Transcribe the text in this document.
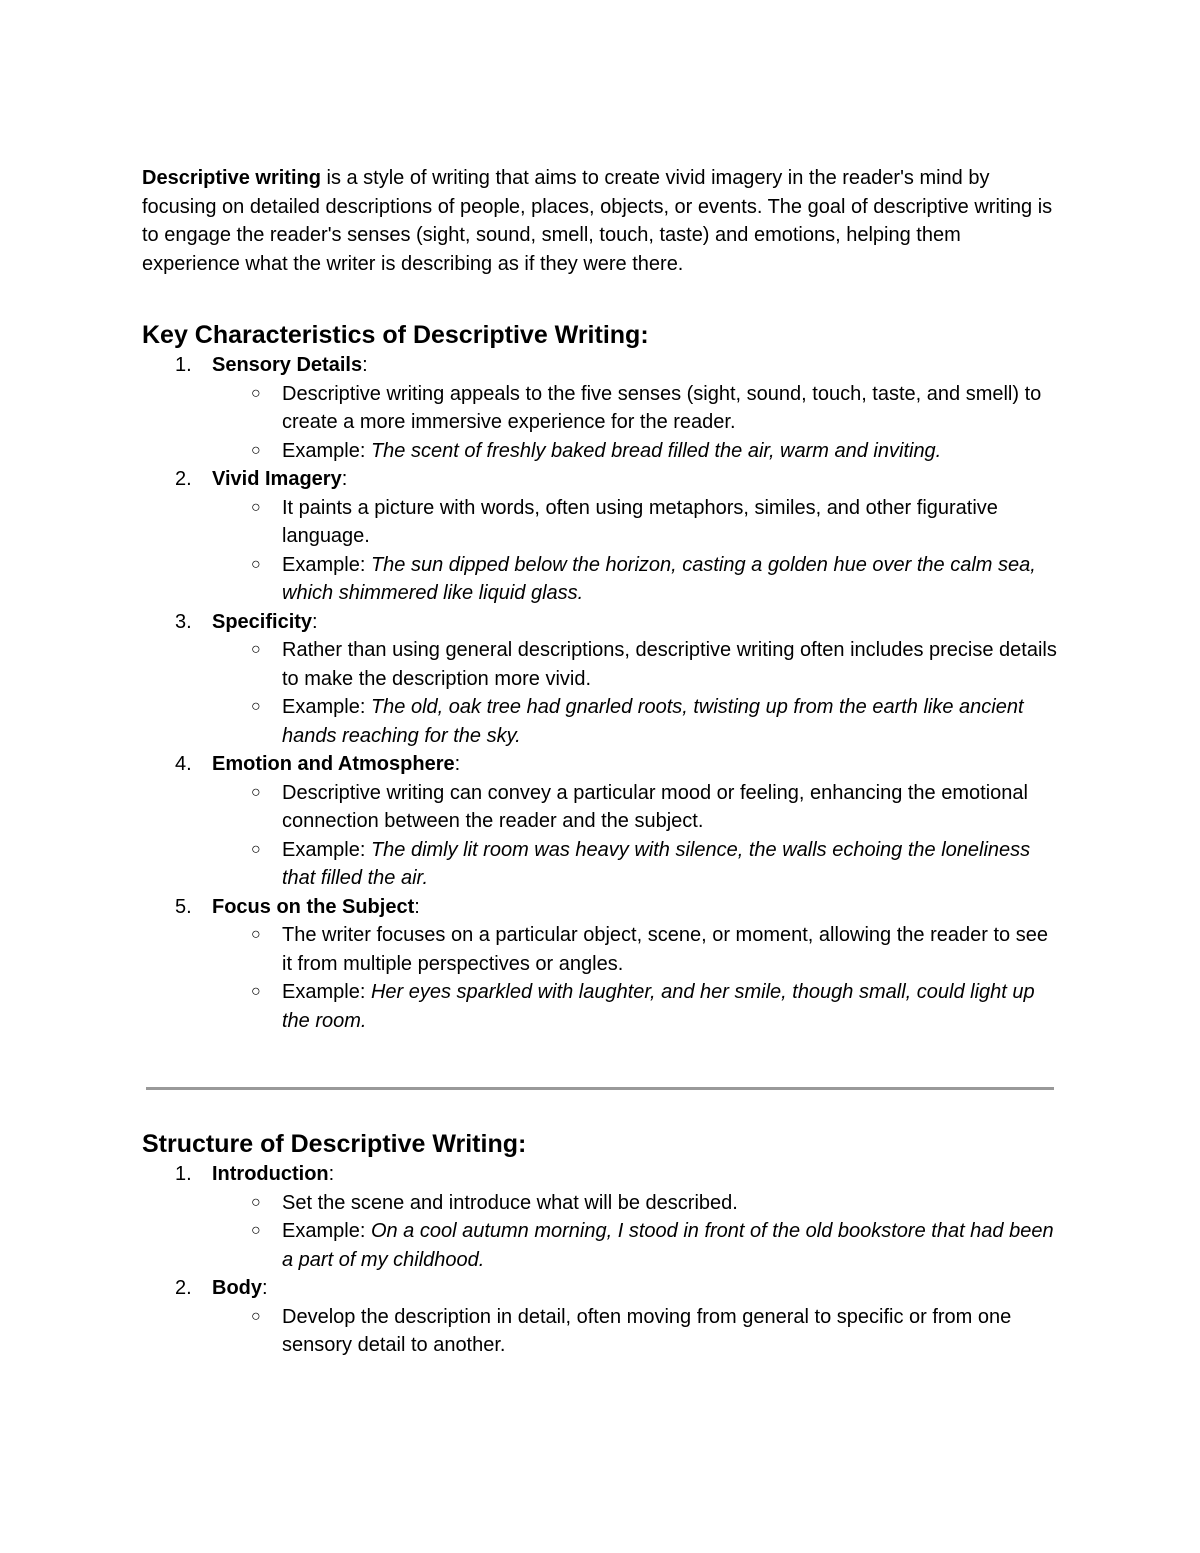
Descriptive writing is a style of writing that aims to create vivid imagery in the reader's mind by focusing on detailed descriptions of people, places, objects, or events. The goal of descriptive writing is to engage the reader's senses (sight, sound, smell, touch, taste) and emotions, helping them experience what the writer is describing as if they were there.

Key Characteristics of Descriptive Writing:
1. Sensory Details:
○ Descriptive writing appeals to the five senses (sight, sound, touch, taste, and smell) to create a more immersive experience for the reader.
○ Example: The scent of freshly baked bread filled the air, warm and inviting.
2. Vivid Imagery:
○ It paints a picture with words, often using metaphors, similes, and other figurative language.
○ Example: The sun dipped below the horizon, casting a golden hue over the calm sea, which shimmered like liquid glass.
3. Specificity:
○ Rather than using general descriptions, descriptive writing often includes precise details to make the description more vivid.
○ Example: The old, oak tree had gnarled roots, twisting up from the earth like ancient hands reaching for the sky.
4. Emotion and Atmosphere:
○ Descriptive writing can convey a particular mood or feeling, enhancing the emotional connection between the reader and the subject.
○ Example: The dimly lit room was heavy with silence, the walls echoing the loneliness that filled the air.
5. Focus on the Subject:
○ The writer focuses on a particular object, scene, or moment, allowing the reader to see it from multiple perspectives or angles.
○ Example: Her eyes sparkled with laughter, and her smile, though small, could light up the room.
Structure of Descriptive Writing:
1. Introduction:
○ Set the scene and introduce what will be described.
○ Example: On a cool autumn morning, I stood in front of the old bookstore that had been a part of my childhood.
2. Body:
○ Develop the description in detail, often moving from general to specific or from one sensory detail to another.
